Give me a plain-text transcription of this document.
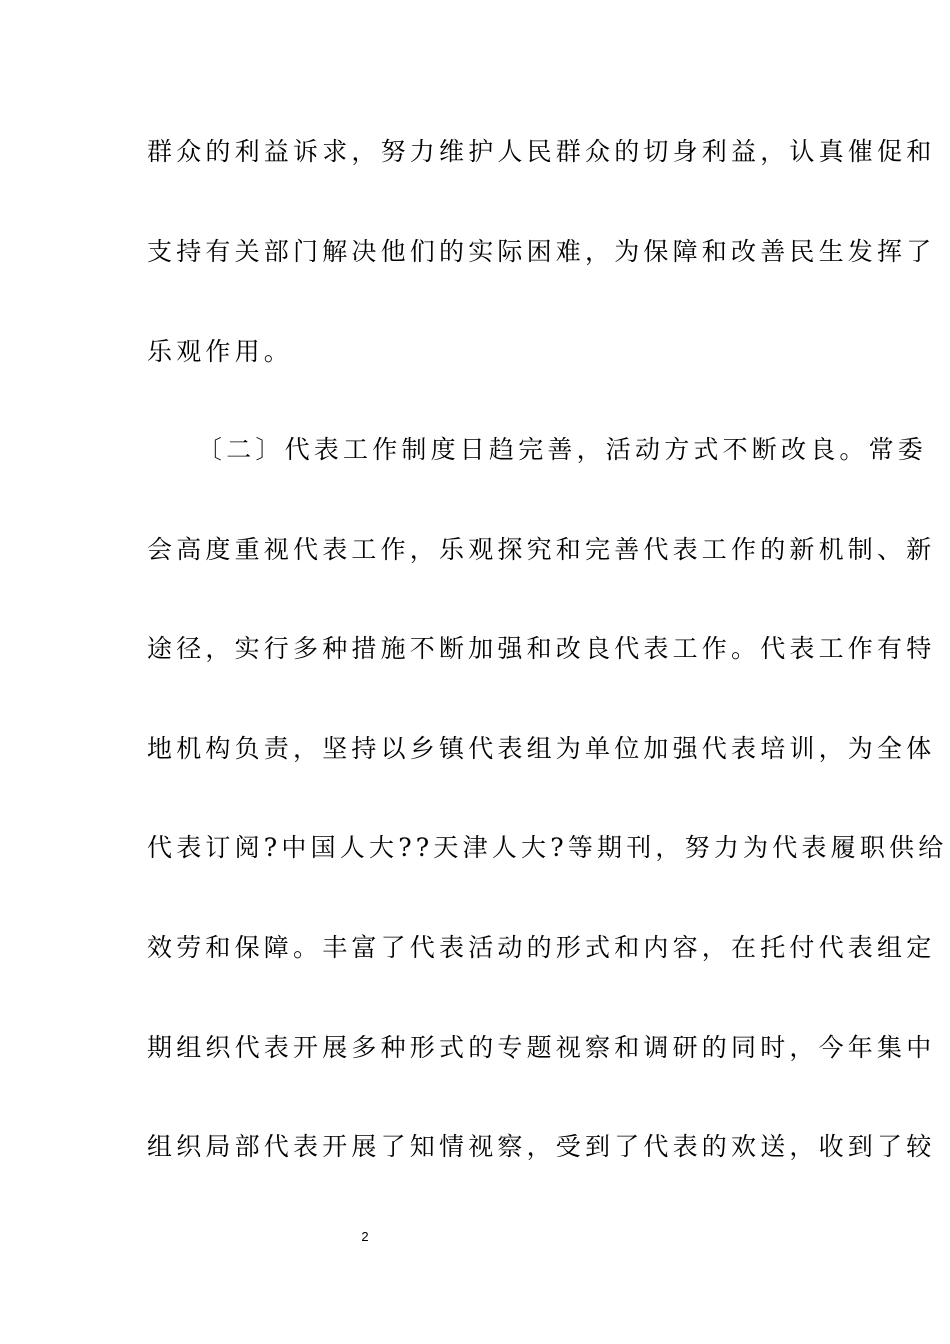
群众的利益诉求，努力维护人民群众的切身利益，认真催促和
支持有关部门解决他们的实际困难，为保障和改善民生发挥了
乐观作用。
〔二〕代表工作制度日趋完善，活动方式不断改良。常委
会高度重视代表工作，乐观探究和完善代表工作的新机制、新
途径，实行多种措施不断加强和改良代表工作。代表工作有特
地机构负责，坚持以乡镇代表组为单位加强代表培训，为全体
代表订阅?中国人大??天津人大?等期刊，努力为代表履职供给
效劳和保障。丰富了代表活动的形式和内容，在托付代表组定
期组织代表开展多种形式的专题视察和调研的同时，今年集中
组织局部代表开展了知情视察，受到了代表的欢送，收到了较
2
